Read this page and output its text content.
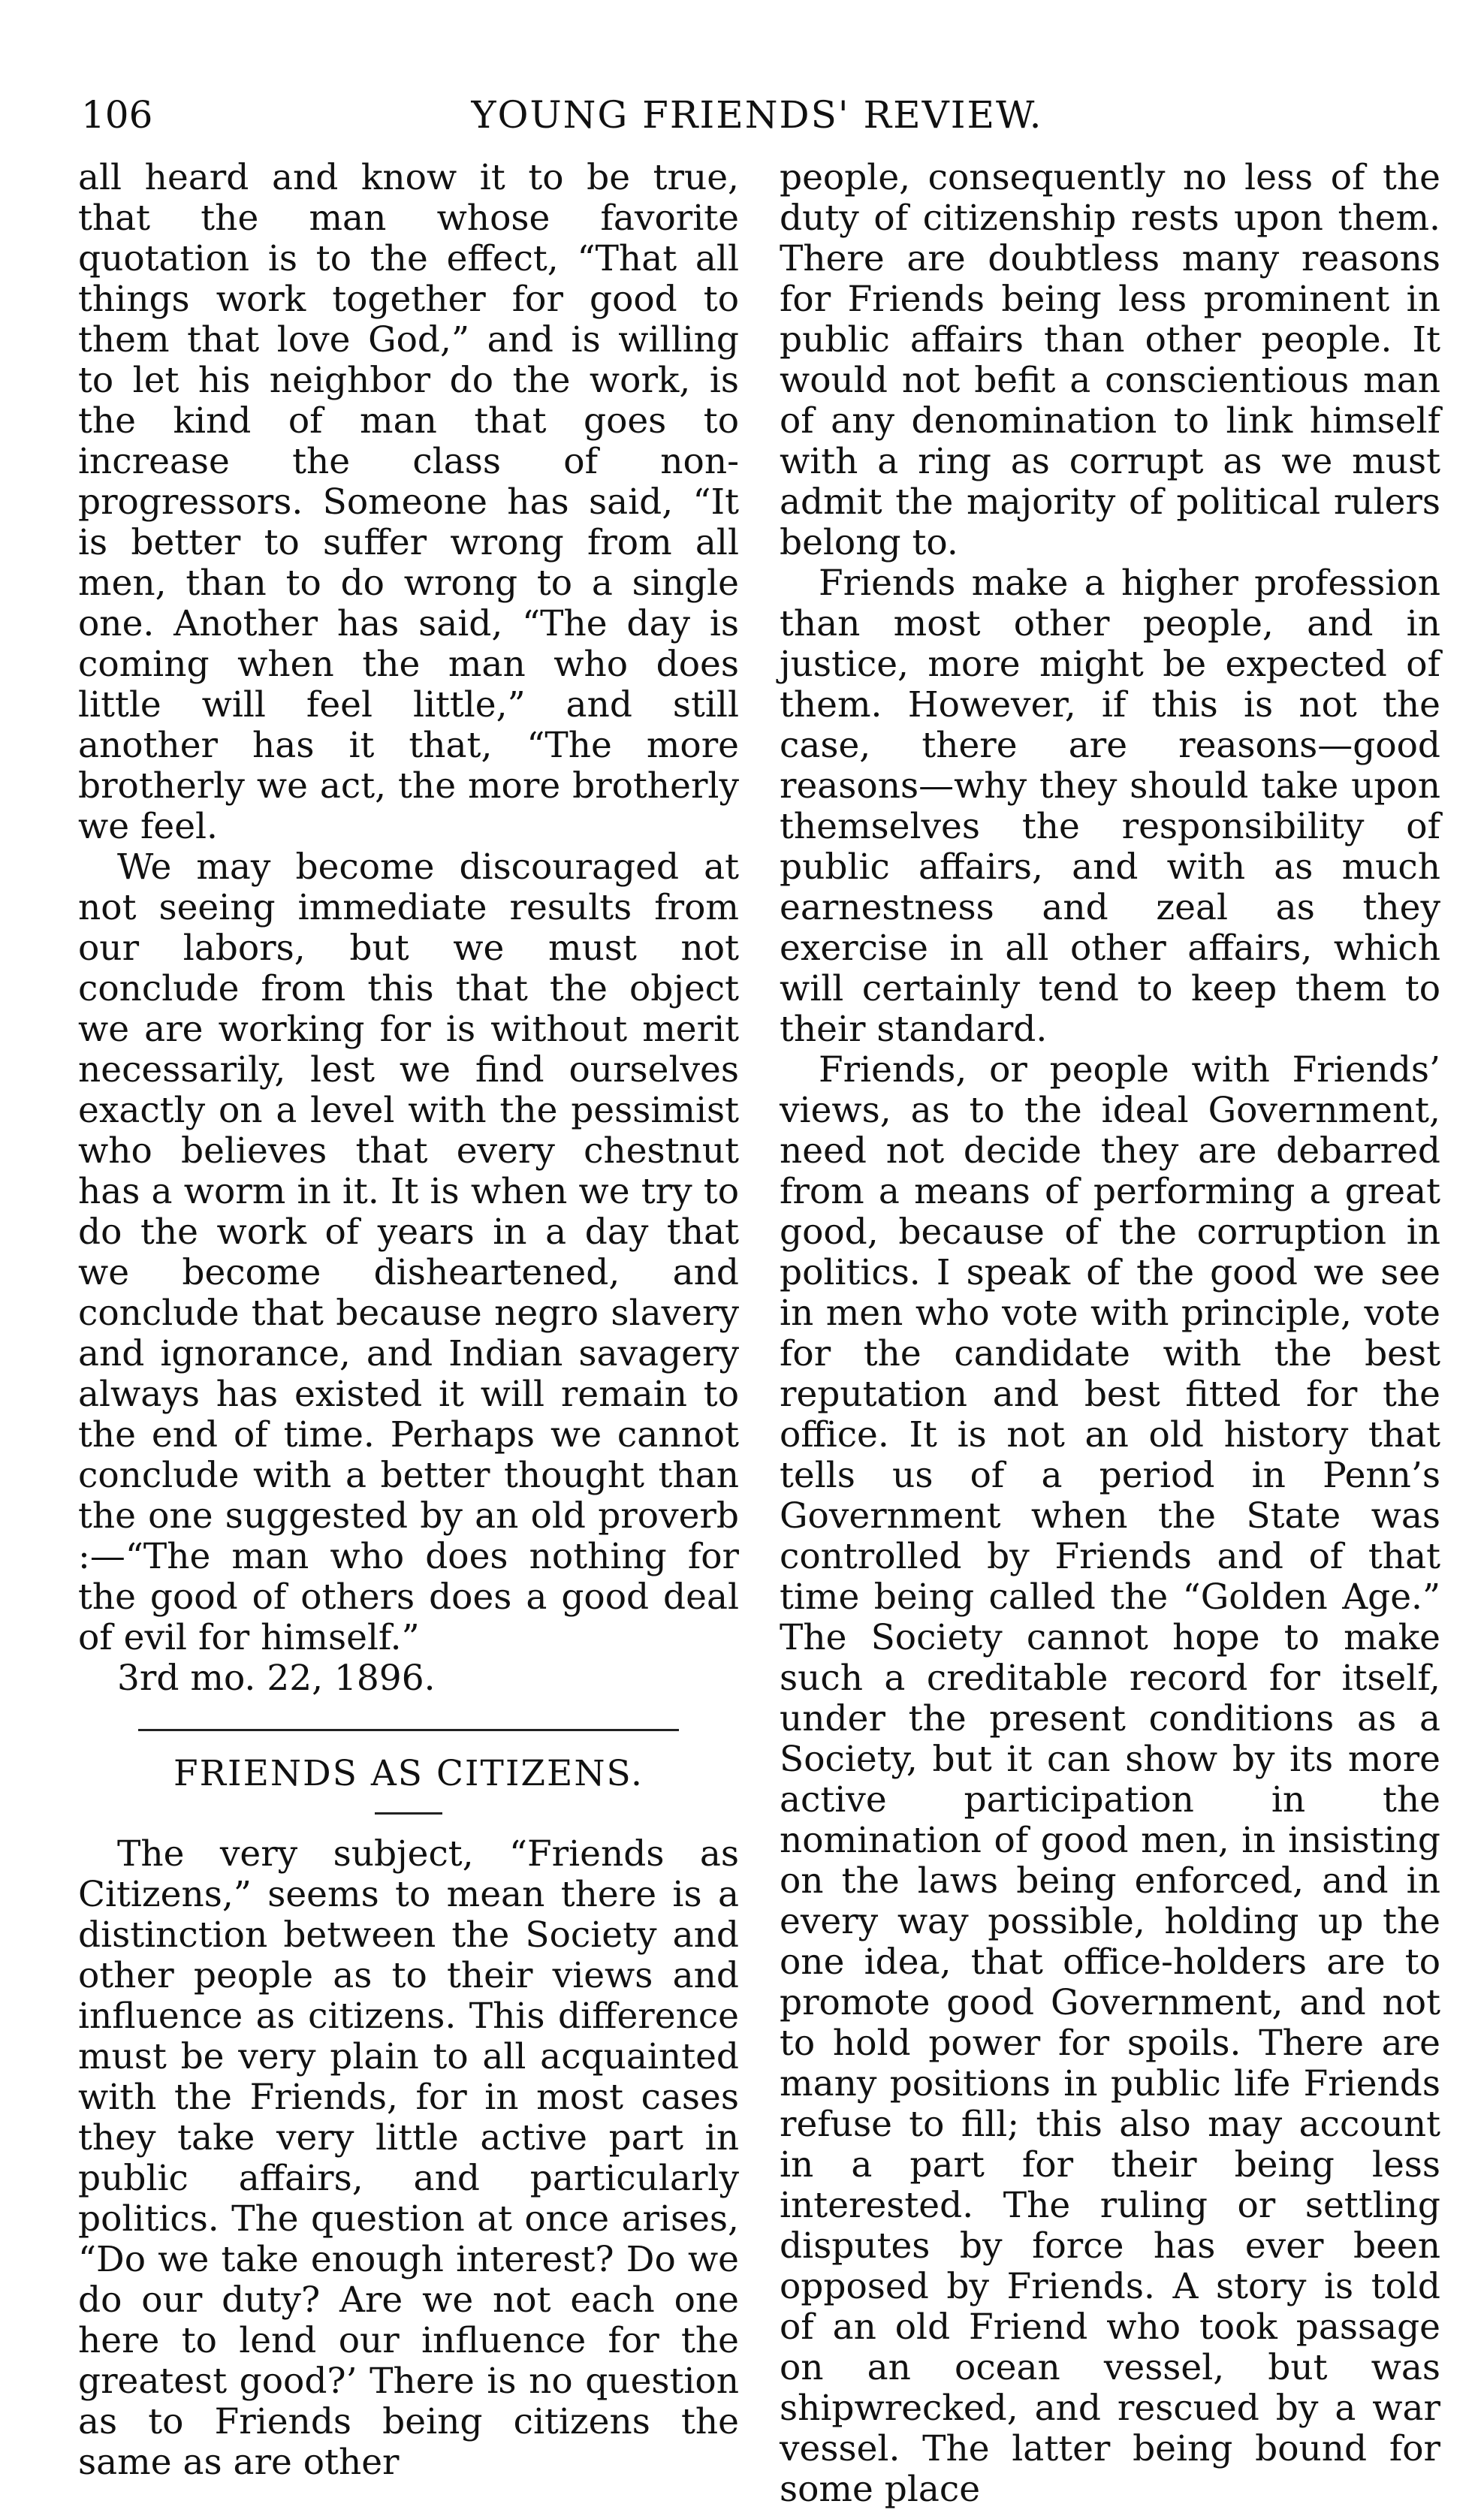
106	YOUNG FRIENDS' REVIEW.

all heard and know it to be true, that the man whose favorite quotation is to the effect, “That all things work together for good to them that love God,” and is willing to let his neighbor do the work, is the kind of man that goes to increase the class of non-progressors. Someone has said, “It is better to suffer wrong from all men, than to do wrong to a single one. Another has said, “The day is coming when the man who does little will feel little,” and still another has it that, “The more brotherly we act, the more brotherly we feel.

We may become discouraged at not seeing immediate results from our labors, but we must not conclude from this that the object we are working for is without merit necessarily, lest we find ourselves exactly on a level with the pessimist who believes that every chestnut has a worm in it. It is when we try to do the work of years in a day that we become disheartened, and conclude that because negro slavery and ignorance, and Indian savagery always has existed it will remain to the end of time. Perhaps we cannot conclude with a better thought than the one suggested by an old proverb :—“The man who does nothing for the good of others does a good deal of evil for himself.”

3rd mo. 22, 1896.

FRIENDS AS CITIZENS.

The very subject, “Friends as Citizens,” seems to mean there is a distinction between the Society and other people as to their views and influence as citizens. This difference must be very plain to all acquainted with the Friends, for in most cases they take very little active part in public affairs, and particularly politics. The question at once arises, “Do we take enough interest? Do we do our duty? Are we not each one here to lend our influence for the greatest good?’ There is no question as to Friends being citizens the same as are other

people, consequently no less of the duty of citizenship rests upon them. There are doubtless many reasons for Friends being less prominent in public affairs than other people. It would not befit a conscientious man of any denomination to link himself with a ring as corrupt as we must admit the majority of political rulers belong to.

Friends make a higher profession than most other people, and in justice, more might be expected of them. However, if this is not the case, there are reasons—good reasons—why they should take upon themselves the responsibility of public affairs, and with as much earnestness and zeal as they exercise in all other affairs, which will certainly tend to keep them to their standard.

Friends, or people with Friends’ views, as to the ideal Government, need not decide they are debarred from a means of performing a great good, because of the corruption in politics. I speak of the good we see in men who vote with principle, vote for the candidate with the best reputation and best fitted for the office. It is not an old history that tells us of a period in Penn’s Government when the State was controlled by Friends and of that time being called the “Golden Age.” The Society cannot hope to make such a creditable record for itself, under the present conditions as a Society, but it can show by its more active participation in the nomination of good men, in insisting on the laws being enforced, and in every way possible, holding up the one idea, that office-holders are to promote good Government, and not to hold power for spoils. There are many positions in public life Friends refuse to fill; this also may account in a part for their being less interested. The ruling or settling disputes by force has ever been opposed by Friends. A story is told of an old Friend who took passage on an ocean vessel, but was shipwrecked, and rescued by a war vessel. The latter being bound for some place
